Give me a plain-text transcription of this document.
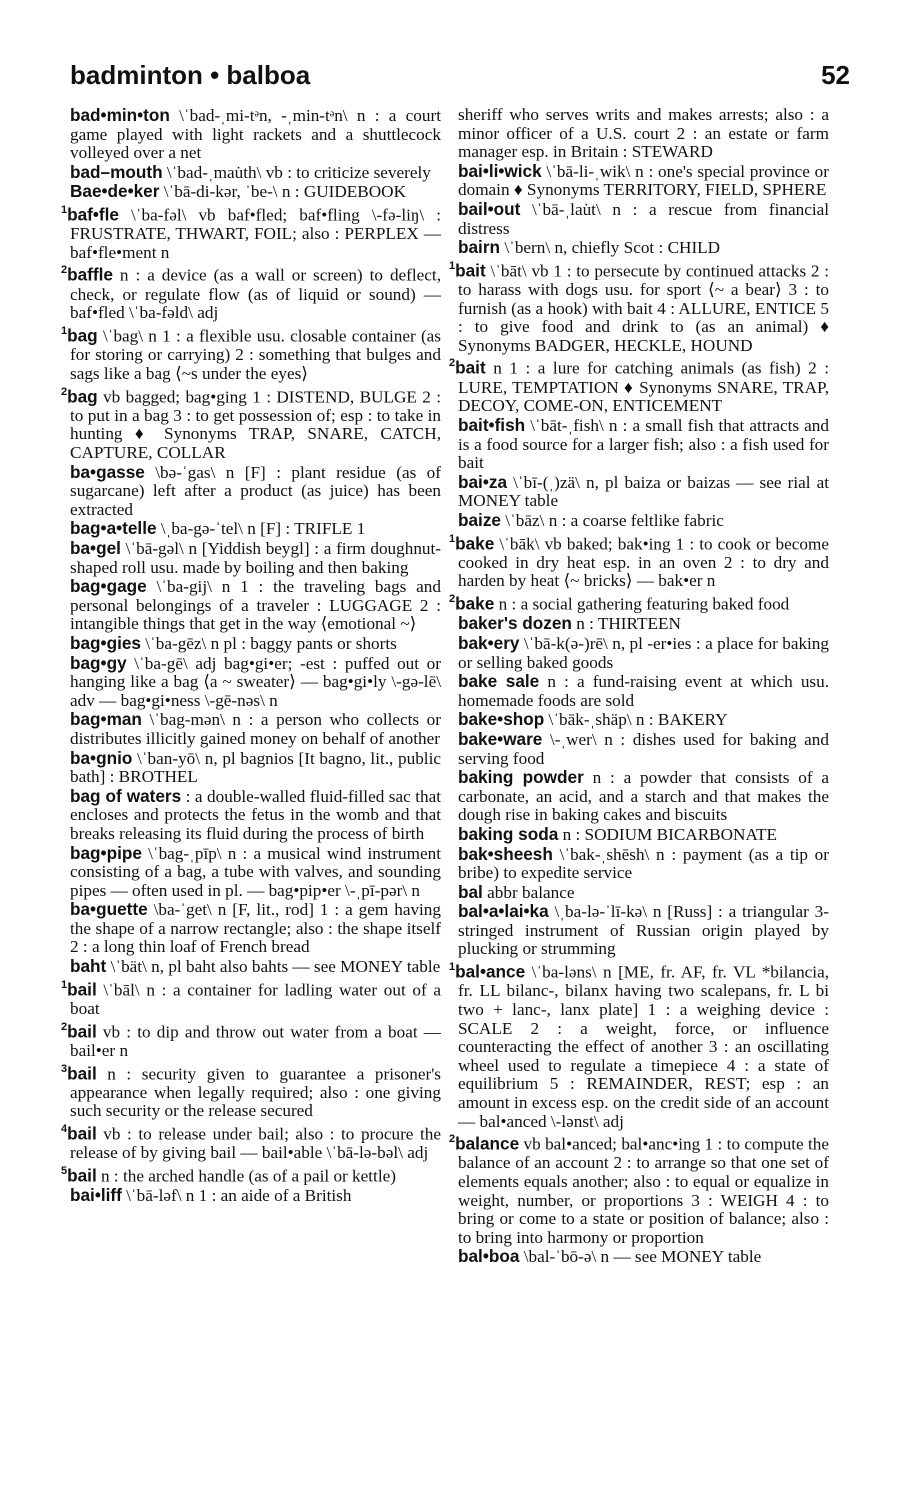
badminton • balboa	52

bad•min•ton \ˈbad-ˌmi-tᵊn, -ˌmin-tᵊn\ n : a court game played with light rackets and a shuttlecock volleyed over a net

bad–mouth \ˈbad-ˌmau̇th\ vb : to criticize severely

Bae•de•ker \ˈbā-di-kər, ˈbe-\ n : GUIDEBOOK

$^1$baf•fle \ˈba-fəl\ vb baf•fled; baf•fling \-fə-liŋ\ : FRUSTRATE, THWART, FOIL; also : PERPLEX — baf•fle•ment n

$^2$baffle n : a device (as a wall or screen) to deflect, check, or regulate flow (as of liquid or sound) — baf•fled \ˈba-fəld\ adj

$^1$bag \ˈbag\ n 1 : a flexible usu. closable container (as for storing or carrying) 2 : something that bulges and sags like a bag ⟨~s under the eyes⟩

$^2$bag vb bagged; bag•ging 1 : DISTEND, BULGE 2 : to put in a bag 3 : to get possession of; esp : to take in hunting ♦ Synonyms TRAP, SNARE, CATCH, CAPTURE, COLLAR

ba•gasse \bə-ˈgas\ n [F] : plant residue (as of sugarcane) left after a product (as juice) has been extracted

bag•a•telle \ˌba-gə-ˈtel\ n [F] : TRIFLE 1

ba•gel \ˈbā-gəl\ n [Yiddish beygl] : a firm doughnut-shaped roll usu. made by boiling and then baking

bag•gage \ˈba-gij\ n 1 : the traveling bags and personal belongings of a traveler : LUGGAGE 2 : intangible things that get in the way ⟨emotional ~⟩

bag•gies \ˈba-gēz\ n pl : baggy pants or shorts

bag•gy \ˈba-gē\ adj bag•gi•er; -est : puffed out or hanging like a bag ⟨a ~ sweater⟩ — bag•gi•ly \-gə-lē\ adv — bag•gi•ness \-gē-nəs\ n

bag•man \ˈbag-mən\ n : a person who collects or distributes illicitly gained money on behalf of another

ba•gnio \ˈban-yō\ n, pl bagnios [It bagno, lit., public bath] : BROTHEL

bag of waters : a double-walled fluid-filled sac that encloses and protects the fetus in the womb and that breaks releasing its fluid during the process of birth

bag•pipe \ˈbag-ˌpīp\ n : a musical wind instrument consisting of a bag, a tube with valves, and sounding pipes — often used in pl. — bag•pip•er \-ˌpī-pər\ n

ba•guette \ba-ˈget\ n [F, lit., rod] 1 : a gem having the shape of a narrow rectangle; also : the shape itself 2 : a long thin loaf of French bread

baht \ˈbät\ n, pl baht also bahts — see MONEY table

$^1$bail \ˈbāl\ n : a container for ladling water out of a boat

$^2$bail vb : to dip and throw out water from a boat — bail•er n

$^3$bail n : security given to guarantee a prisoner's appearance when legally required; also : one giving such security or the release secured

$^4$bail vb : to release under bail; also : to procure the release of by giving bail — bail•able \ˈbā-lə-bəl\ adj

$^5$bail n : the arched handle (as of a pail or kettle)

bai•liff \ˈbā-ləf\ n 1 : an aide of a British

sheriff who serves writs and makes arrests; also : a minor officer of a U.S. court 2 : an estate or farm manager esp. in Britain : STEWARD

bai•li•wick \ˈbā-li-ˌwik\ n : one's special province or domain ♦ Synonyms TERRITORY, FIELD, SPHERE

bail•out \ˈbā-ˌlau̇t\ n : a rescue from financial distress

bairn \ˈbern\ n, chiefly Scot : CHILD

$^1$bait \ˈbāt\ vb 1 : to persecute by continued attacks 2 : to harass with dogs usu. for sport ⟨~ a bear⟩ 3 : to furnish (as a hook) with bait 4 : ALLURE, ENTICE 5 : to give food and drink to (as an animal) ♦ Synonyms BADGER, HECKLE, HOUND

$^2$bait n 1 : a lure for catching animals (as fish) 2 : LURE, TEMPTATION ♦ Synonyms SNARE, TRAP, DECOY, COME-ON, ENTICEMENT

bait•fish \ˈbāt-ˌfish\ n : a small fish that attracts and is a food source for a larger fish; also : a fish used for bait

bai•za \ˈbī-(ˌ)zä\ n, pl baiza or baizas — see rial at MONEY table

baize \ˈbāz\ n : a coarse feltlike fabric

$^1$bake \ˈbāk\ vb baked; bak•ing 1 : to cook or become cooked in dry heat esp. in an oven 2 : to dry and harden by heat ⟨~ bricks⟩ — bak•er n

$^2$bake n : a social gathering featuring baked food

baker's dozen n : THIRTEEN

bak•ery \ˈbā-k(ə-)rē\ n, pl -er•ies : a place for baking or selling baked goods

bake sale n : a fund-raising event at which usu. homemade foods are sold

bake•shop \ˈbāk-ˌshäp\ n : BAKERY

bake•ware \-ˌwer\ n : dishes used for baking and serving food

baking powder n : a powder that consists of a carbonate, an acid, and a starch and that makes the dough rise in baking cakes and biscuits

baking soda n : SODIUM BICARBONATE

bak•sheesh \ˈbak-ˌshēsh\ n : payment (as a tip or bribe) to expedite service

bal abbr balance

bal•a•lai•ka \ˌba-lə-ˈlī-kə\ n [Russ] : a triangular 3-stringed instrument of Russian origin played by plucking or strumming

$^1$bal•ance \ˈba-ləns\ n [ME, fr. AF, fr. VL *bilancia, fr. LL bilanc-, bilanx having two scalepans, fr. L bi two + lanc-, lanx plate] 1 : a weighing device : SCALE 2 : a weight, force, or influence counteracting the effect of another 3 : an oscillating wheel used to regulate a timepiece 4 : a state of equilibrium 5 : REMAINDER, REST; esp : an amount in excess esp. on the credit side of an account — bal•anced \-lənst\ adj

$^2$balance vb bal•anced; bal•anc•ing 1 : to compute the balance of an account 2 : to arrange so that one set of elements equals another; also : to equal or equalize in weight, number, or proportions 3 : WEIGH 4 : to bring or come to a state or position of balance; also : to bring into harmony or proportion

bal•boa \bal-ˈbō-ə\ n — see MONEY table
